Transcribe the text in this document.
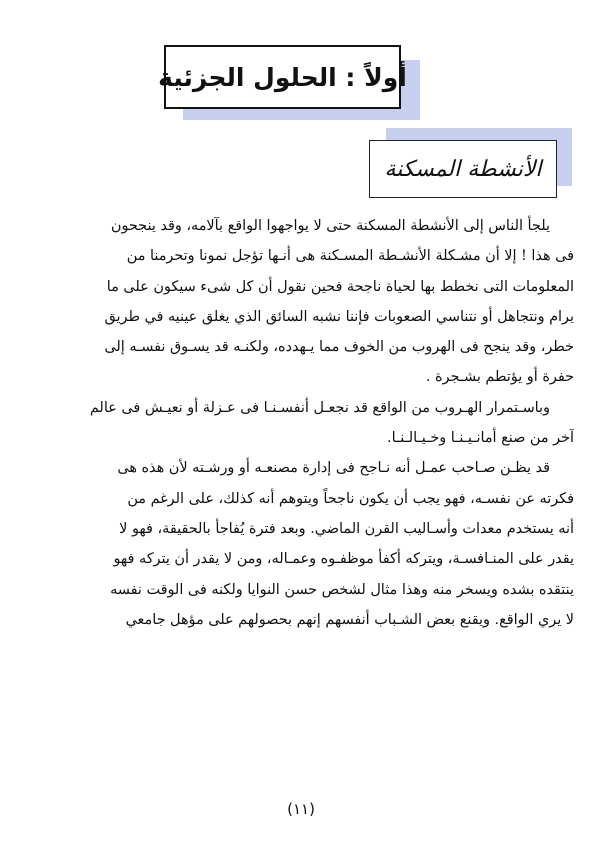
أولاً : الحلول الجزئية
الأنشطة المسكنة
يلجأ الناس إلى الأنشطة المسكنة حتى لا يواجهوا الواقع بآلامه، وقد ينجحون
فى هذا ! إلا أن مشـكلة الأنشـطة المسـكنة هى أنـها تؤجل نمونا وتحرمنا من
المعلومات التى نخطط بها لحياة ناجحة فحين نقول أن كل شىء سيكون على ما
يرام ونتجاهل أو نتناسي الصعوبات فإننا نشبه السائق الذي يغلق عينيه في طريق
خطر، وقد ينجح فى الهروب من الخوف مما يـهدده، ولكنـه قد يسـوق نفسـه إلى
حفرة أو يؤتطم بشـجرة .
وباسـتمرار الهـروب من الواقع قد نجعـل أنفسـنـا فى عـزلة أو نعيـش فى عالم
آخر من صنع أمانـيـنـا وخـيـالـنـا.
قد يظـن صـاحب عمـل أنه نـاجح فى إدارة مصنعـه أو ورشـته لأن هذه هى
فكرته عن نفسـه، فهو يجب أن يكون ناجحاً ويتوهم أنه كذلك، على الرغم من
أنه يستخدم معدات وأسـاليب القرن الماضي. وبعد فترة يُفاجأ بالحقيقة، فهو لا
يقدر على المنـافسـة، ويتركه أكفأ موظفـوه وعمـاله، ومن لا يقدر أن يتركه فهو
ينتقده بشده ويسخر منه وهذا مثال لشخص حسن النوايا ولكنه فى الوقت نفسه
لا يري الواقع. ويقنع بعض الشـباب أنفسهم إنهم بحصولهم على مؤهل جامعي
(١١)
